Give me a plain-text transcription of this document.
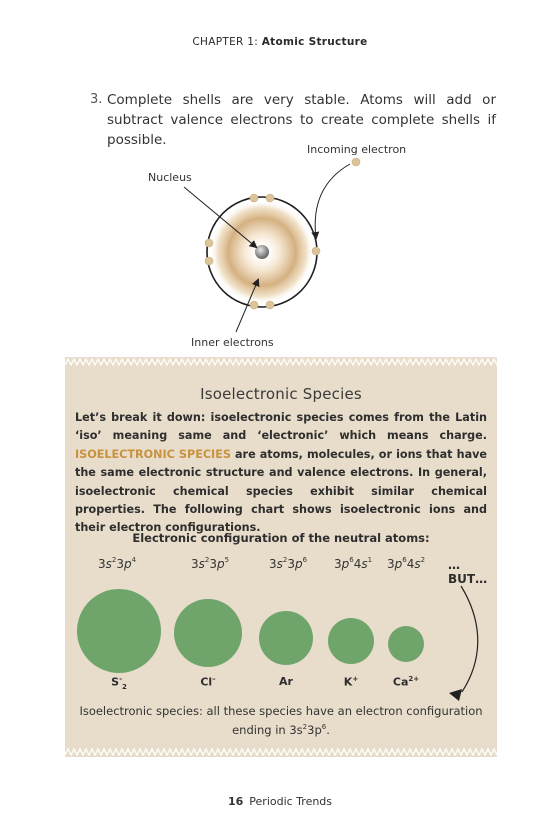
CHAPTER 1: Atomic Structure
3. Complete shells are very stable. Atoms will add or subtract valence electrons to create complete shells if possible.
Nucleus
Incoming electron
Inner electrons
Isoelectronic Species
Let’s break it down: isoelectronic species comes from the Latin ‘iso’ meaning same and ‘electronic’ which means charge. ISOELECTRONIC SPECIES are atoms, molecules, or ions that have the same electronic structure and valence electrons. In general, isoelectronic chemical species exhibit similar chemical properties. The following chart shows isoelectronic ions and their electron configurations.
Electronic configuration of the neutral atoms:
$3s^23p^4$	$3s^23p^5$	$3s^23p^6$ $3p^64s^1$ $3p^64s^2$ …BUT…
$S^-_2$	Cl–	Ar	K+	$Ca^{2+}$
Isoelectronic species: all these species have an electron configuration
ending in $3s^23p^6$.
16 Periodic Trends
